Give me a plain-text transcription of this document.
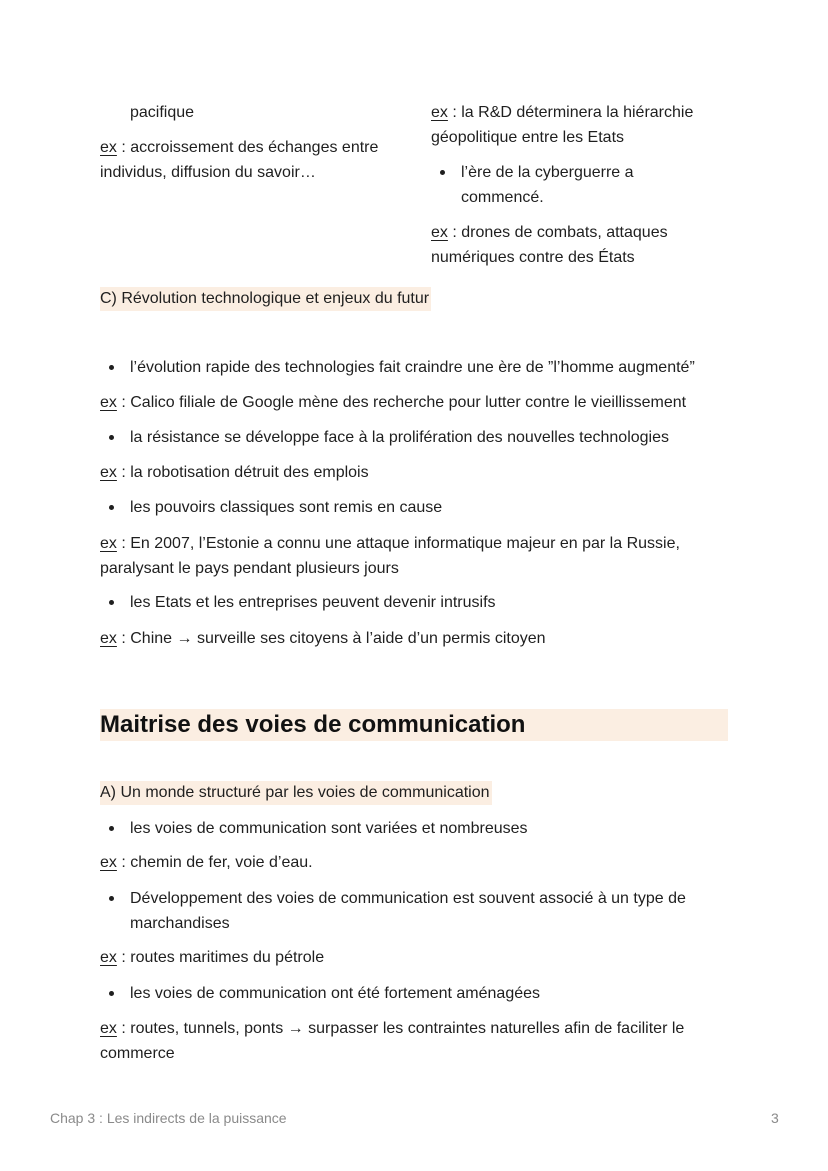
pacifique

ex : accroissement des échanges entre individus, diffusion du savoir…

ex : la R&D déterminera la hiérarchie géopolitique entre les Etats

l’ère de la cyberguerre a commencé.

ex : drones de combats, attaques numériques contre des États

C) Révolution technologique et enjeux du futur

l’évolution rapide des technologies fait craindre une ère de ”l’homme augmenté”

ex : Calico filiale de Google mène des recherche pour lutter contre le vieillissement

la résistance se développe face à la prolifération des nouvelles technologies

ex : la robotisation détruit des emplois

les pouvoirs classiques sont remis en cause

ex : En 2007, l’Estonie a connu une attaque informatique majeur en par la Russie, paralysant le pays pendant plusieurs jours

les Etats et les entreprises peuvent devenir intrusifs

ex : Chine → surveille ses citoyens à l’aide d’un permis citoyen

Maitrise des voies de communication
A) Un monde structuré par les voies de communication

les voies de communication sont variées et nombreuses

ex : chemin de fer, voie d’eau.

Développement des voies de communication est souvent associé à un type de marchandises

ex : routes maritimes du pétrole

les voies de communication ont été fortement aménagées

ex : routes, tunnels, ponts → surpasser les contraintes naturelles afin de faciliter le commerce

Chap 3 : Les indirects de la puissance	3
